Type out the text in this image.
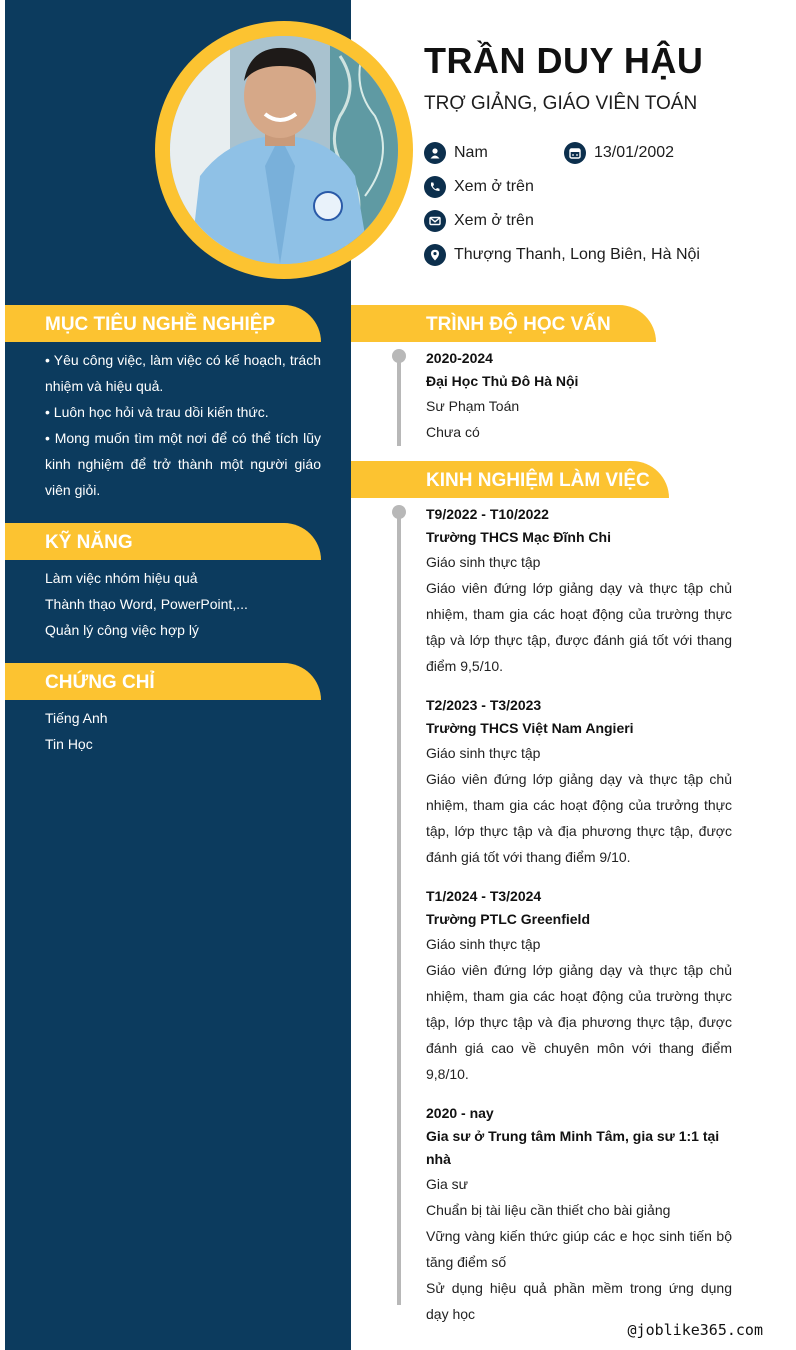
TRẦN DUY HẬU
TRỢ GIẢNG, GIÁO VIÊN TOÁN
Nam	13/01/2002
Xem ở trên
Xem ở trên
Thượng Thanh, Long Biên, Hà Nội
MỤC TIÊU NGHỀ NGHIỆP

• Yêu công việc, làm việc có kế hoạch, trách nhiệm và hiệu quả.

• Luôn học hỏi và trau dồi kiến thức.

• Mong muốn tìm một nơi để có thể tích lũy kinh nghiệm để trở thành một người giáo viên giỏi.

KỸ NĂNG

Làm việc nhóm hiệu quả

Thành thạo Word, PowerPoint,...

Quản lý công việc hợp lý

CHỨNG CHỈ

Tiếng Anh

Tin Học

TRÌNH ĐỘ HỌC VẤN
2020-2024
Đại Học Thủ Đô Hà Nội
Sư Phạm Toán
Chưa có
KINH NGHIỆM LÀM VIỆC
T9/2022 - T10/2022
Trường THCS Mạc Đĩnh Chi
Giáo sinh thực tập
Giáo viên đứng lớp giảng dạy và thực tập chủ nhiệm, tham gia các hoạt động của trường thực tập và lớp thực tập, được đánh giá tốt với thang điểm 9,5/10.
T2/2023 - T3/2023
Trường THCS Việt Nam Angieri
Giáo sinh thực tập
Giáo viên đứng lớp giảng dạy và thực tập chủ nhiệm, tham gia các hoạt động của trưởng thực tập, lớp thực tập và địa phương thực tập, được đánh giá tốt với thang điểm 9/10.
T1/2024 - T3/2024
Trường PTLC Greenfield
Giáo sinh thực tập
Giáo viên đứng lớp giảng dạy và thực tập chủ nhiệm, tham gia các hoạt động của trường thực tập, lớp thực tập và địa phương thực tập, được đánh giá cao về chuyên môn với thang điểm 9,8/10.
2020 - nay
Gia sư ở Trung tâm Minh Tâm, gia sư 1:1 tại nhà
Gia sư
Chuẩn bị tài liệu cần thiết cho bài giảng
Vững vàng kiến thức giúp các e học sinh tiến bộ tăng điểm số
Sử dụng hiệu quả phần mềm trong ứng dụng dạy học
@joblike365.com
